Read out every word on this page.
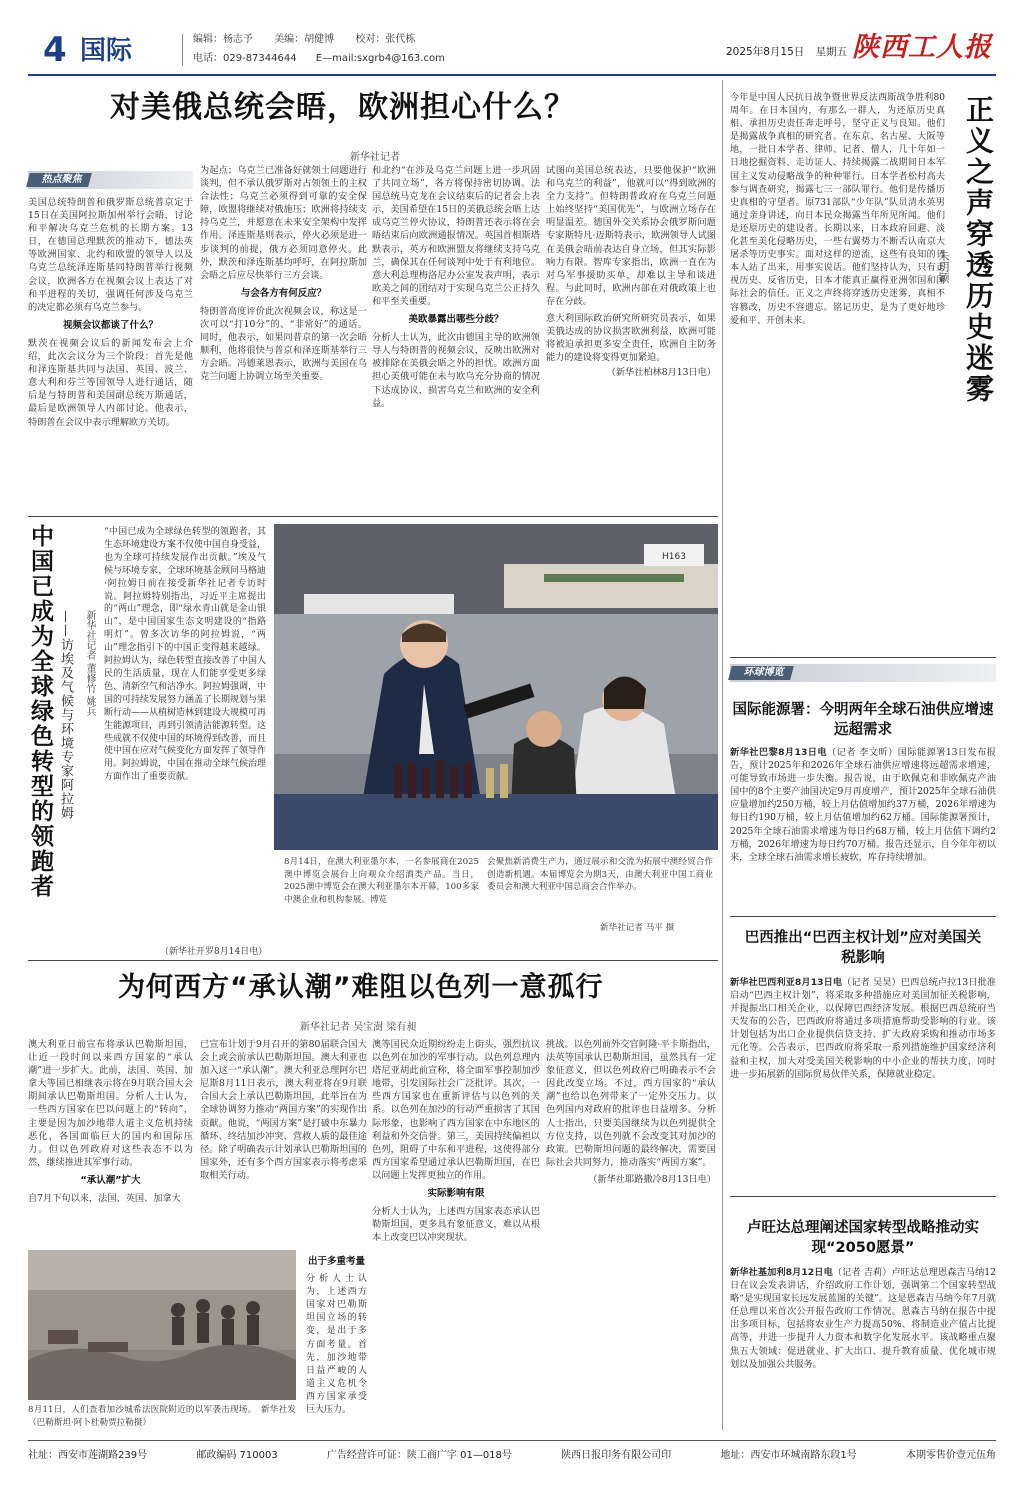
4 国际	编辑：杨志予 美编：胡健博 校对：张代栋
电话：029-87344644 E—mail:sxgrb4@163.com
2025年8月15日 星期五 陕西工人报
对美俄总统会晤，欧洲担心什么？
新华社记者
热点聚焦

美国总统特朗普和俄罗斯总统普京定于15日在美国阿拉斯加州举行会晤，讨论和平解决乌克兰危机的长期方案。13日，在德国总理默茨的推动下，德法英等欧洲国家、北约和欧盟的领导人以及乌克兰总统泽连斯基同特朗普举行视频会议，欧洲各方在视频会议上表达了对和平进程的关切，强调任何涉及乌克兰的决定都必须有乌克兰参与。

视频会议都谈了什么？

默茨在视频会议后的新闻发布会上介绍，此次会议分为三个阶段：首先是他和泽连斯基共同与法国、英国、波兰、意大利和芬兰等国领导人进行通话，随后是与特朗普和美国副总统万斯通话，最后是欧洲领导人内部讨论。他表示，特朗普在会议中表示理解欧方关切。

为起点；乌克兰已准备好就领土问题进行谈判，但不承认俄罗斯对占领领土的主权合法性；乌克兰必须得到可靠的安全保障，欧盟将继续对俄施压；欧洲将持续支持乌克兰，并愿意在未来安全架构中发挥作用。泽连斯基则表示，停火必须是进一步谈判的前提，俄方必须同意停火。此外，默茨和泽连斯基均呼吁，在阿拉斯加会晤之后应尽快举行三方会谈。

与会各方有何反应？

特朗普高度评价此次视频会议，称这是一次可以“打10分”的、“非常好”的通话。同时，他表示，如果同普京的第一次会晤顺利，他将很快与普京和泽连斯基举行三方会晤。冯德莱恩表示，欧洲与美国在乌克兰问题上协调立场至关重要。

和北约“在涉及乌克兰问题上进一步巩固了共同立场”，各方将保持密切协调。法国总统马克龙在会议结束后的记者会上表示，美国希望在15日的美俄总统会晤上达成乌克兰停火协议，特朗普还表示将在会晤结束后向欧洲通报情况。英国首相斯塔默表示，英方和欧洲盟友将继续支持乌克兰，确保其在任何谈判中处于有利地位。意大利总理梅洛尼办公室发表声明，表示欧美之间的团结对于实现乌克兰公正持久和平至关重要。

美欧暴露出哪些分歧？

分析人士认为，此次由德国主导的欧洲领导人与特朗普的视频会议，反映出欧洲对被排除在美俄会晤之外的担忧。欧洲方面担心美俄可能在未与欧乌充分协商的情况下达成协议，损害乌克兰和欧洲的安全利益。

试图向美国总统表达，只要他保护“欧洲和乌克兰的利益”，他就可以“得到欧洲的全力支持”。但特朗普政府在乌克兰问题上始终坚持“美国优先”，与欧洲立场存在明显温差。德国外交关系协会俄罗斯问题专家斯特凡·迈斯特表示，欧洲领导人试图在美俄会晤前表达自身立场，但其实际影响力有限。智库专家指出，欧洲一直在为对乌军事援助买单，却难以主导和谈进程。与此同时，欧洲内部在对俄政策上也存在分歧。

意大利国际政治研究所研究员表示，如果美俄达成的协议损害欧洲利益，欧洲可能将被迫承担更多安全责任，欧洲自主防务能力的建设将变得更加紧迫。

（新华社柏林8月13日电）

今年是中国人民抗日战争暨世界反法西斯战争胜利80周年。在日本国内，有那么一群人，为还原历史真相、承担历史责任奔走呼号，坚守正义与良知。他们是揭露战争真相的研究者。在东京、名古屋、大阪等地，一批日本学者、律师、记者、僧人，几十年如一日地挖掘资料、走访证人、持续揭露二战期间日本军国主义发动侵略战争的种种罪行。日本学者松村高夫参与调查研究，揭露七三一部队罪行。他们是传播历史真相的守望者。原731部队“少年队”队员清水英男通过亲身讲述，向日本民众揭露当年所见所闻。他们是还原历史的建设者。长期以来，日本政府回避、淡化甚至美化侵略历史，一些右翼势力不断否认南京大屠杀等历史事实。面对这样的逆流，这些有良知的日本人站了出来，用事实说话。他们坚持认为，只有正视历史、反省历史，日本才能真正赢得亚洲邻国和国际社会的信任。正义之声终将穿透历史迷雾，真相不容篡改，历史不容遗忘。铭记历史，是为了更好地珍爱和平、开创未来。	正义之声穿透历史迷雾
朱玥颖
中国已成为全球绿色转型的领跑者 ——访埃及气候与环境专家阿拉姆 新华社记者 董修竹 姚兵
“中国已成为全球绿色转型的领跑者，其生态环境建设方案不仅使中国自身受益，也为全球可持续发展作出贡献。”埃及气候与环境专家、全球环境基金顾问马格迪·阿拉姆日前在接受新华社记者专访时说。阿拉姆特别指出，习近平主席提出的“两山”理念，即“绿水青山就是金山银山”，是中国国家生态文明建设的“指路明灯”。曾多次访华的阿拉姆说，“两山”理念指引下的中国正变得越来越绿。阿拉姆认为，绿色转型直接改善了中国人民的生活质量，现在人们能享受更多绿色、清新空气和洁净水。阿拉姆强调，中国的可持续发展努力涵盖了长期规划与果断行动——从植树造林到建设大规模可再生能源项目，再到引领清洁能源转型。这些成就不仅使中国的环境得到改善，而且使中国在应对气候变化方面发挥了领导作用。阿拉姆说，中国在推动全球气候治理方面作出了重要贡献。
（新华社开罗8月14日电）
H163
8月14日，在澳大利亚墨尔本，一名参展商在2025澳中博览会展台上向观众介绍酒类产品。当日，2025澳中博览会在澳大利亚墨尔本开幕，100多家中澳企业和机构参展。博览
会聚焦新消费生产力，通过展示和交流为拓展中澳经贸合作创造新机遇。本届博览会为期3天，由澳大利亚中国工商业委员会和澳大利亚中国总商会合作举办。
新华社记者 马平 摄
环球博览
国际能源署：今明两年全球石油供应增速远超需求
新华社巴黎8月13日电（记者 李文昕）国际能源署13日发布报告，预计2025年和2026年全球石油供应增速将远超需求增速，可能导致市场进一步失衡。报告说，由于欧佩克和非欧佩克产油国中的8个主要产油国决定9月再度增产，预计2025年全球石油供应量增加约250万桶，较上月估值增加约37万桶，2026年增速为每日约190万桶，较上月估值增加约62万桶。国际能源署预计，2025年全球石油需求增速为每日约68万桶，较上月估值下调约2万桶，2026年增速为每日约70万桶。报告还显示，自今年年初以来，全球全球石油需求增长疲软，库存持续增加。
巴西推出“巴西主权计划”应对美国关税影响
新华社巴西利亚8月13日电（记者 吴昊）巴西总统卢拉13日批准启动“巴西主权计划”，将采取多种措施应对美国加征关税影响，并提振出口相关企业，以保障巴西经济发展。根据巴西总统府当天发布的公告，巴西政府将通过多项措施帮助受影响的行业。该计划包括为出口企业提供信贷支持、扩大政府采购和推动市场多元化等。公告表示，巴西政府将采取一系列措施维护国家经济利益和主权，加大对受美国关税影响的中小企业的帮扶力度，同时进一步拓展新的国际贸易伙伴关系，保障就业稳定。
卢旺达总理阐述国家转型战略推动实现“2050愿景”
新华社基加利8月12日电（记者 吉莉）卢旺达总理恩森吉马纳12日在议会发表讲话，介绍政府工作计划，强调第二个国家转型战略“是实现国家长远发展蓝图的关键”。这是恩森吉马纳今年7月就任总理以来首次公开报告政府工作情况。恩森吉马纳在报告中提出多项目标，包括将农业生产力提高50%、将制造业产值占比提高等，并进一步提升人力资本和数字化发展水平。该战略重点聚焦五大领域：促进就业、扩大出口、提升教育质量、优化城市规划以及加强公共服务。
为何西方“承认潮”难阻以色列一意孤行
新华社记者 吴宝澍 梁有昶

澳大利亚日前宣布将承认巴勒斯坦国，让近一段时间以来西方国家的“承认潮”进一步扩大。此前，法国、英国、加拿大等国已相继表示将在9月联合国大会期间承认巴勒斯坦国。分析人士认为，一些西方国家在巴以问题上的“转向”，主要是因为加沙地带人道主义危机持续恶化，各国面临巨大的国内和国际压力。但以色列政府对这些表态不以为然，继续推进其军事行动。

“承认潮”扩大

自7月下旬以来，法国、英国、加拿大

8月11日，人们查看加沙城希法医院附近的以军袭击现场。　新华社发（巴勒斯坦·阿卜杜勒贾拉勒摄）

已宣布计划于9月召开的第80届联合国大会上或会前承认巴勒斯坦国。澳大利亚也加入这一“承认潮”。澳大利亚总理阿尔巴尼斯8月11日表示，澳大利亚将在9月联合国大会上承认巴勒斯坦国，此举旨在为全球协调努力推动“两国方案”的实现作出贡献。他说，“两国方案”是打破中东暴力循环、终结加沙冲突、营救人质的最佳途径。除了明确表示计划承认巴勒斯坦国的国家外，还有多个西方国家表示将考虑采取相关行动。

出于多重考量

分析人士认为，上述西方国家对巴勒斯坦国立场的转变，是出于多方面考量。首先，加沙地带日益严峻的人道主义危机令西方国家承受巨大压力。

澳等国民众近期纷纷走上街头，强烈抗议以色列在加沙的军事行动。以色列总理内塔尼亚胡此前宣称，将全面军事控制加沙地带，引发国际社会广泛批评。其次，一些西方国家也在重新评估与以色列的关系。以色列在加沙的行动严重损害了其国际形象，也影响了西方国家在中东地区的利益和外交信誉。第三，美国持续偏袒以色列，阻碍了中东和平进程，这使得部分西方国家希望通过承认巴勒斯坦国，在巴以问题上发挥更独立的作用。

实际影响有限

分析人士认为，上述西方国家表态承认巴勒斯坦国，更多具有象征意义，难以从根本上改变巴以冲突现状。

挑战。以色列前外交官阿隆·平卡斯指出，法英等国承认巴勒斯坦国，虽然具有一定象征意义，但以色列政府已明确表示不会因此改变立场。不过，西方国家的“承认潮”也给以色列带来了一定外交压力。以色列国内对政府的批评也日益增多。分析人士指出，只要美国继续为以色列提供全方位支持，以色列就不会改变其对加沙的政策。巴勒斯坦问题的最终解决，需要国际社会共同努力，推动落实“两国方案”。

（新华社耶路撒冷8月13日电）

社址：西安市莲湖路239号	邮政编码 710003	广告经营许可证：陕工商广字 01—018号	陕西日报印务有限公司印	地址：西安市环城南路东段1号	本期零售价壹元伍角
